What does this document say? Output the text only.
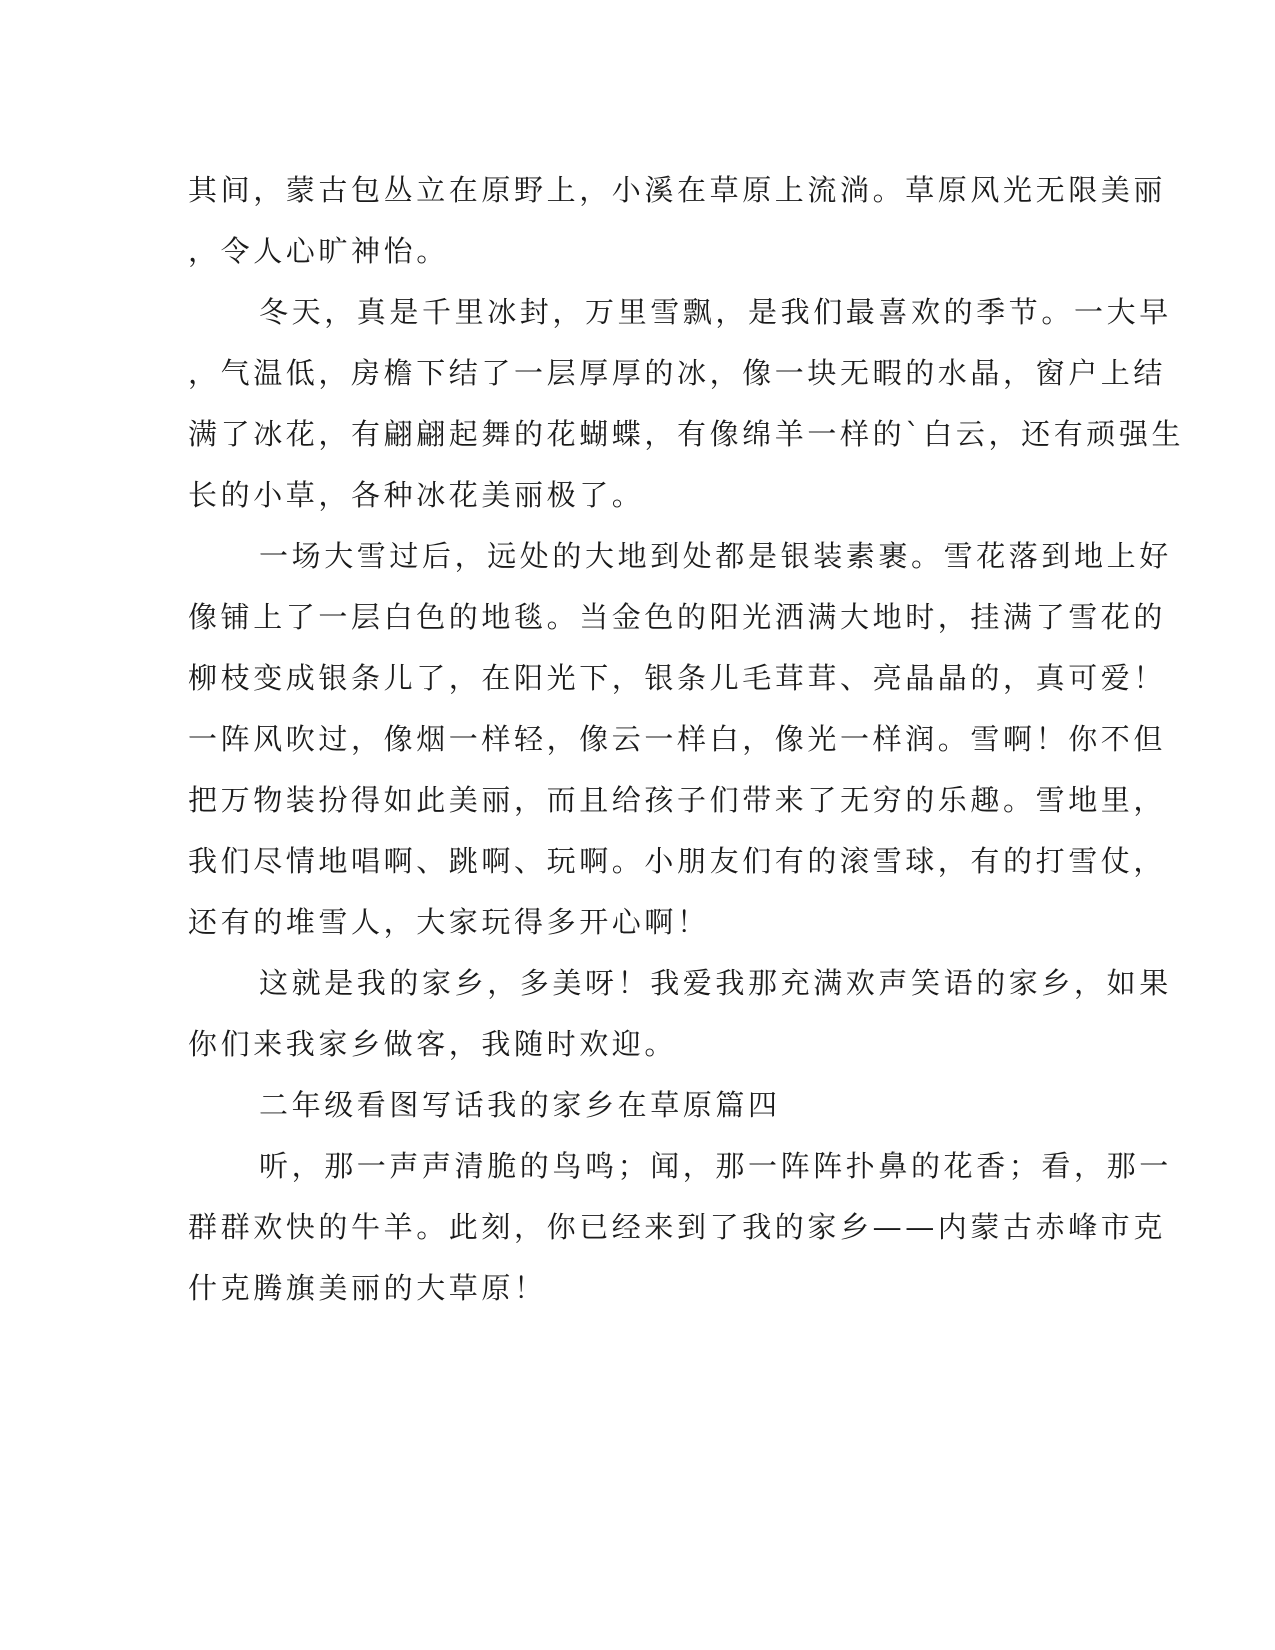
其间，蒙古包丛立在原野上，小溪在草原上流淌。草原风光无限美丽
，令人心旷神怡。
冬天，真是千里冰封，万里雪飘，是我们最喜欢的季节。一大早
，气温低，房檐下结了一层厚厚的冰，像一块无暇的水晶，窗户上结
满了冰花，有翩翩起舞的花蝴蝶，有像绵羊一样的`白云，还有顽强生
长的小草，各种冰花美丽极了。
一场大雪过后，远处的大地到处都是银装素裹。雪花落到地上好
像铺上了一层白色的地毯。当金色的阳光洒满大地时，挂满了雪花的
柳枝变成银条儿了，在阳光下，银条儿毛茸茸、亮晶晶的，真可爱！
一阵风吹过，像烟一样轻，像云一样白，像光一样润。雪啊！你不但
把万物装扮得如此美丽，而且给孩子们带来了无穷的乐趣。雪地里，
我们尽情地唱啊、跳啊、玩啊。小朋友们有的滚雪球，有的打雪仗，
还有的堆雪人，大家玩得多开心啊！
这就是我的家乡，多美呀！我爱我那充满欢声笑语的家乡，如果
你们来我家乡做客，我随时欢迎。
二年级看图写话我的家乡在草原篇四
听，那一声声清脆的鸟鸣；闻，那一阵阵扑鼻的花香；看，那一
群群欢快的牛羊。此刻，你已经来到了我的家乡——内蒙古赤峰市克
什克腾旗美丽的大草原！
